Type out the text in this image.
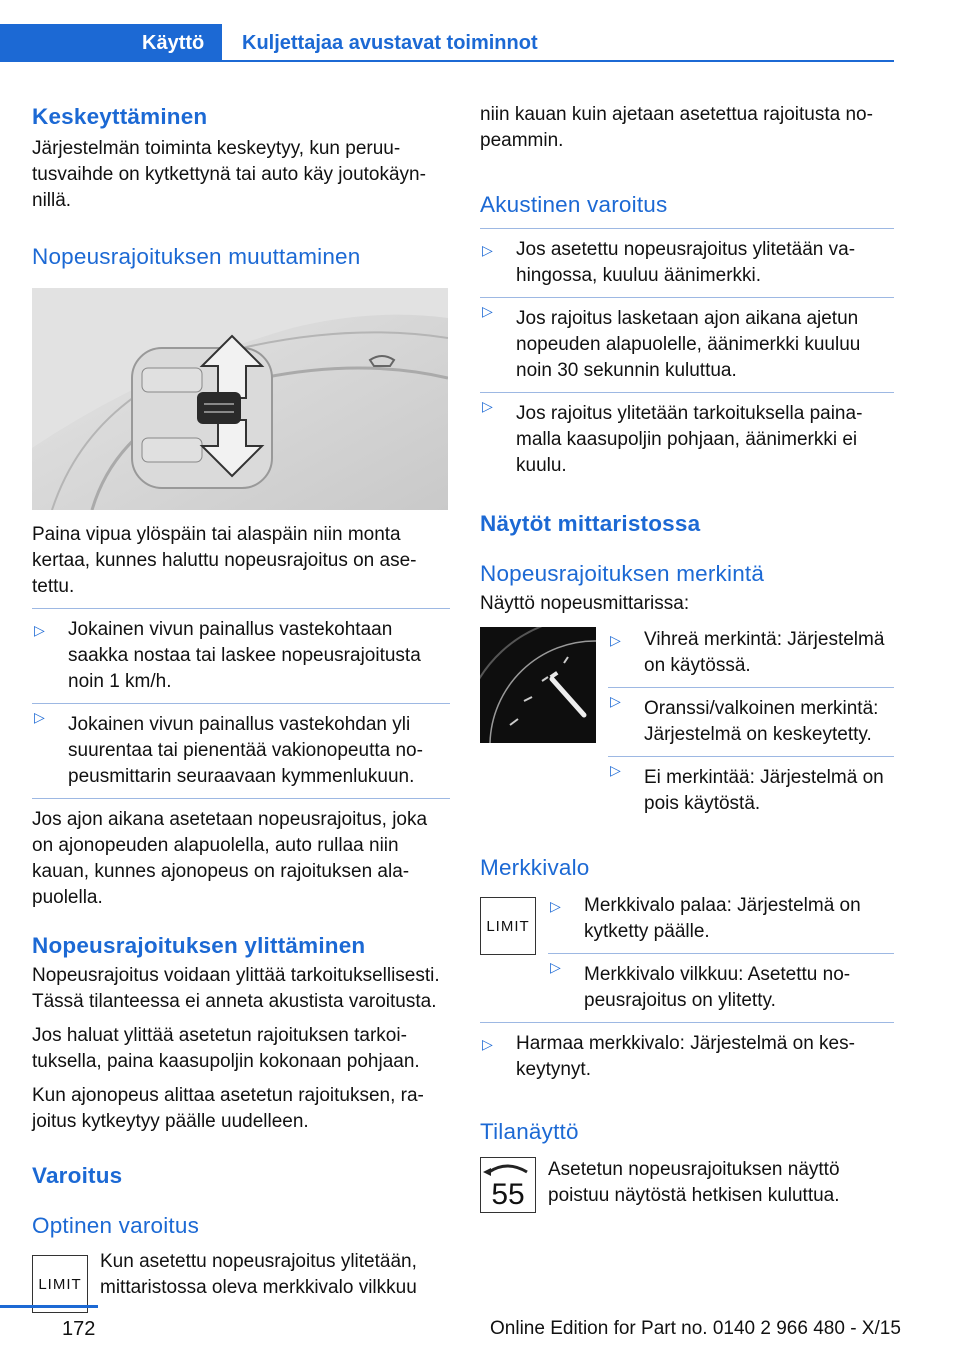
Käyttö	Kuljettajaa avustavat toiminnot
Keskeyttäminen

Järjestelmän toiminta keskeytyy, kun peruutusvaihde on kytkettynä tai auto käy joutokäynnillä.

Nopeusrajoituksen muuttaminen

Paina vipua ylöspäin tai alaspäin niin monta kertaa, kunnes haluttu nopeusrajoitus on asetettu.

▷ Jokainen vivun painallus vastekohtaan saakka nostaa tai laskee nopeusrajoitusta noin 1 km/h.
▷ Jokainen vivun painallus vastekohdan yli suurentaa tai pienentää vakionopeutta nopeusmittarin seuraavaan kymmenlukuun.

Jos ajon aikana asetetaan nopeusrajoitus, joka on ajonopeuden alapuolella, auto rullaa niin kauan, kunnes ajonopeus on rajoituksen alapuolella.

Nopeusrajoituksen ylittäminen

Nopeusrajoitus voidaan ylittää tarkoituksellisesti. Tässä tilanteessa ei anneta akustista varoitusta.

Jos haluat ylittää asetetun rajoituksen tarkoituksella, paina kaasupoljin kokonaan pohjaan.

Kun ajonopeus alittaa asetetun rajoituksen, rajoitus kytkeytyy päälle uudelleen.

Varoitus
Optinen varoitus
LIMIT

Kun asetettu nopeusrajoitus ylitetään, mittaristossa oleva merkkivalo vilkkuu

niin kauan kuin ajetaan asetettua rajoitusta nopeammin.

Akustinen varoitus
▷ Jos asetettu nopeusrajoitus ylitetään vahingossa, kuuluu äänimerkki.
▷ Jos rajoitus lasketaan ajon aikana ajetun nopeuden alapuolelle, äänimerkki kuuluu noin 30 sekunnin kuluttua.
▷ Jos rajoitus ylitetään tarkoituksella painamalla kaasupoljin pohjaan, äänimerkki ei kuulu.
Näytöt mittaristossa
Nopeusrajoituksen merkintä

Näyttö nopeusmittarissa:

▷ Vihreä merkintä: Järjestelmä on käytössä.
▷ Oranssi/valkoinen merkintä: Järjestelmä on keskeytetty.
▷ Ei merkintää: Järjestelmä on pois käytöstä.
Merkkivalo
LIMIT
▷ Merkkivalo palaa: Järjestelmä on kytketty päälle.
▷ Merkkivalo vilkkuu: Asetettu nopeusrajoitus on ylitetty.
▷ Harmaa merkkivalo: Järjestelmä on keskeytynyt.
Tilanäyttö
55

Asetetun nopeusrajoituksen näyttö poistuu näytöstä hetkisen kuluttua.

172	Online Edition for Part no. 0140 2 966 480 - X/15
